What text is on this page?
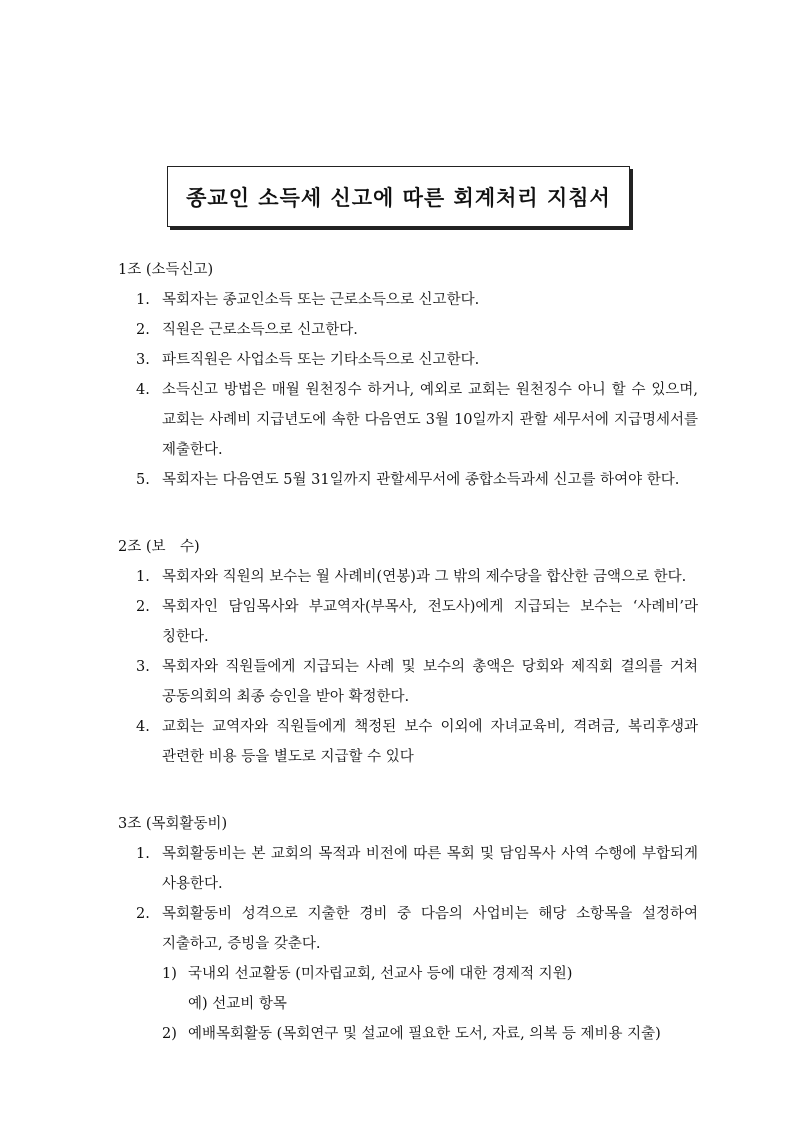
종교인 소득세 신고에 따른 회계처리 지침서
1조 (소득신고)
1. 목회자는 종교인소득 또는 근로소득으로 신고한다.
2. 직원은 근로소득으로 신고한다.
3. 파트직원은 사업소득 또는 기타소득으로 신고한다.
4. 소득신고 방법은 매월 원천징수 하거나, 예외로 교회는 원천징수 아니 할 수 있으며, 교회는 사례비 지급년도에 속한 다음연도 3월 10일까지 관할 세무서에 지급명세서를 제출한다.
5. 목회자는 다음연도 5월 31일까지 관할세무서에 종합소득과세 신고를 하여야 한다.
2조 (보　수)
1. 목회자와 직원의 보수는 월 사례비(연봉)과 그 밖의 제수당을 합산한 금액으로 한다.
2. 목회자인 담임목사와 부교역자(부목사, 전도사)에게 지급되는 보수는 ‘사례비’라 칭한다.
3. 목회자와 직원들에게 지급되는 사례 및 보수의 총액은 당회와 제직회 결의를 거쳐 공동의회의 최종 승인을 받아 확정한다.
4. 교회는 교역자와 직원들에게 책정된 보수 이외에 자녀교육비, 격려금, 복리후생과 관련한 비용 등을 별도로 지급할 수 있다
3조 (목회활동비)
1. 목회활동비는 본 교회의 목적과 비전에 따른 목회 및 담임목사 사역 수행에 부합되게 사용한다.
2. 목회활동비 성격으로 지출한 경비 중 다음의 사업비는 해당 소항목을 설정하여 지출하고, 증빙을 갖춘다.
1) 국내외 선교활동 (미자립교회, 선교사 등에 대한 경제적 지원)
예) 선교비 항목
2) 예배목회활동 (목회연구 및 설교에 필요한 도서, 자료, 의복 등 제비용 지출)
